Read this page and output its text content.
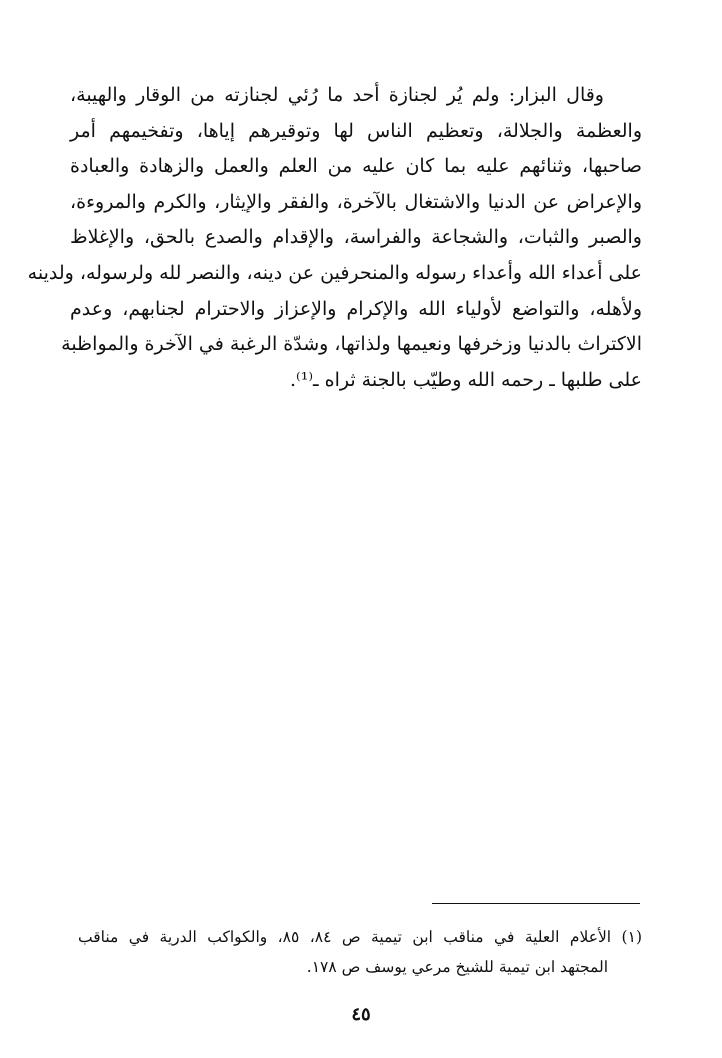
وقال البزار: ولم يُر لجنازة أحد ما رُئي لجنازته من الوقار والهيبة،
والعظمة والجلالة، وتعظيم الناس لها وتوقيرهم إياها، وتفخيمهم أمر
صاحبها، وثنائهم عليه بما كان عليه من العلم والعمل والزهادة والعبادة
والإعراض عن الدنيا والاشتغال بالآخرة، والفقر والإيثار، والكرم والمروءة،
والصبر والثبات، والشجاعة والفراسة، والإقدام والصدع بالحق، والإغلاظ
على أعداء الله وأعداء رسوله والمنحرفين عن دينه، والنصر لله ولرسوله، ولدينه
ولأهله، والتواضع لأولياء الله والإكرام والإعزاز والاحترام لجنابهم، وعدم
الاكتراث بالدنيا وزخرفها ونعيمها ولذاتها، وشدّة الرغبة في الآخرة والمواظبة
على طلبها ـ رحمه الله وطيّب بالجنة ثراه ـ⁽¹⁾.
(١) الأعلام العلية في مناقب ابن تيمية ص ٨٤، ٨٥، والكواكب الدرية في مناقب
المجتهد ابن تيمية للشيخ مرعي يوسف ص ١٧٨.
٤٥
